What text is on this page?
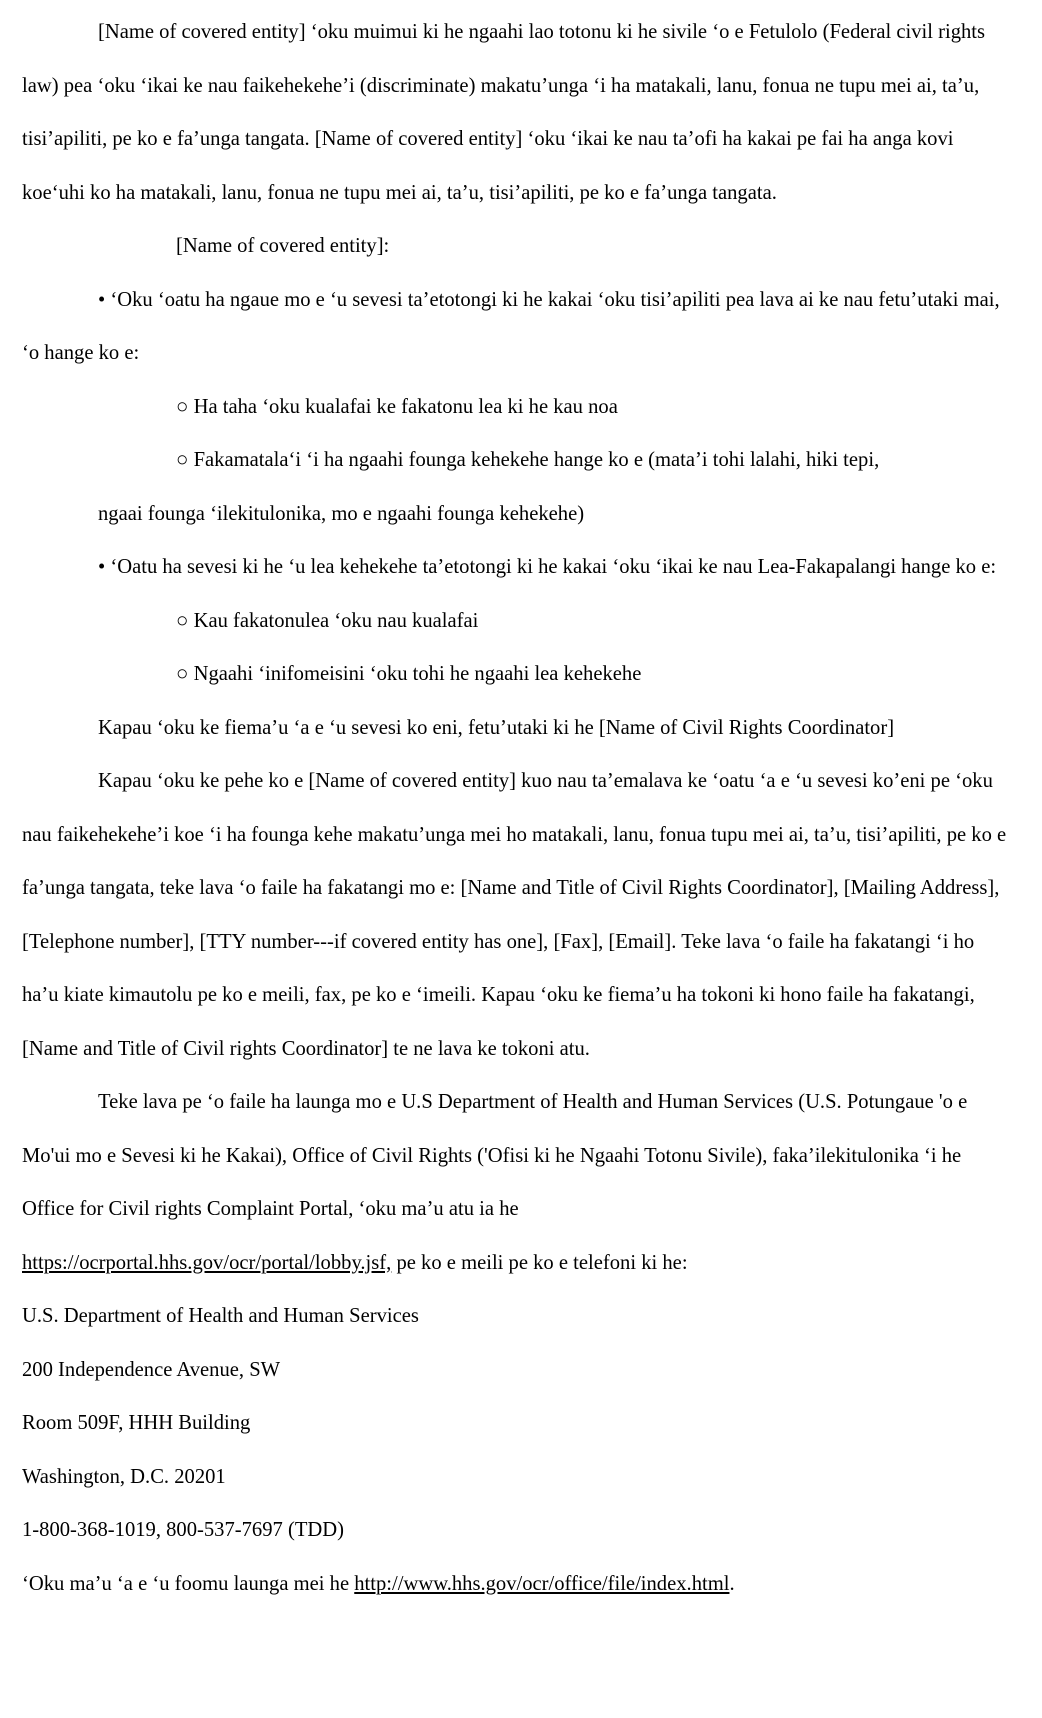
[Name of covered entity] ‘oku muimui ki he ngaahi lao totonu ki he sivile ‘o e Fetulolo (Federal civil rights law) pea ‘oku ‘ikai ke nau faikehekehe’i (discriminate) makatu’unga ‘i ha matakali, lanu, fonua ne tupu mei ai, ta’u, tisi’apiliti, pe ko e fa’unga tangata. [Name of covered entity] ‘oku ‘ikai ke nau ta’ofi ha kakai pe fai ha anga kovi koe‘uhi ko ha matakali, lanu, fonua ne tupu mei ai, ta’u, tisi’apiliti, pe ko e fa’unga tangata.

[Name of covered entity]:

• ‘Oku ‘oatu ha ngaue mo e ‘u sevesi ta’etotongi ki he kakai ‘oku tisi’apiliti pea lava ai ke nau fetu’utaki mai, ‘o hange ko e:

○ Ha taha ‘oku kualafai ke fakatonu lea ki he kau noa

○ Fakamatala‘i ‘i ha ngaahi founga kehekehe hange ko e (mata’i tohi lalahi, hiki tepi,

ngaai founga ‘ilekitulonika, mo e ngaahi founga kehekehe)

• ‘Oatu ha sevesi ki he ‘u lea kehekehe ta’etotongi ki he kakai ‘oku ‘ikai ke nau Lea-Fakapalangi hange ko e:

○ Kau fakatonulea ‘oku nau kualafai

○ Ngaahi ‘inifomeisini ‘oku tohi he ngaahi lea kehekehe

Kapau ‘oku ke fiema’u ‘a e ‘u sevesi ko eni, fetu’utaki ki he [Name of Civil Rights Coordinator]

Kapau ‘oku ke pehe ko e [Name of covered entity] kuo nau ta’emalava ke ‘oatu ‘a e ‘u sevesi ko’eni pe ‘oku nau faikehekehe’i koe ‘i ha founga kehe makatu’unga mei ho matakali, lanu, fonua tupu mei ai, ta’u, tisi’apiliti, pe ko e fa’unga tangata, teke lava ‘o faile ha fakatangi mo e: [Name and Title of Civil Rights Coordinator], [Mailing Address], [Telephone number], [TTY number---if covered entity has one], [Fax], [Email]. Teke lava ‘o faile ha fakatangi ‘i ho ha’u kiate kimautolu pe ko e meili, fax, pe ko e ‘imeili. Kapau ‘oku ke fiema’u ha tokoni ki hono faile ha fakatangi, [Name and Title of Civil rights Coordinator] te ne lava ke tokoni atu.

Teke lava pe ‘o faile ha launga mo e U.S Department of Health and Human Services (U.S. Potungaue 'o e Mo'ui mo e Sevesi ki he Kakai), Office of Civil Rights ('Ofisi ki he Ngaahi Totonu Sivile), faka’ilekitulonika ‘i he Office for Civil rights Complaint Portal, ‘oku ma’u atu ia he

https://ocrportal.hhs.gov/ocr/portal/lobby.jsf, pe ko e meili pe ko e telefoni ki he:

U.S. Department of Health and Human Services

200 Independence Avenue, SW

Room 509F, HHH Building

Washington, D.C. 20201

1-800-368-1019, 800-537-7697 (TDD)

‘Oku ma’u ‘a e ‘u foomu launga mei he http://www.hhs.gov/ocr/office/file/index.html.
